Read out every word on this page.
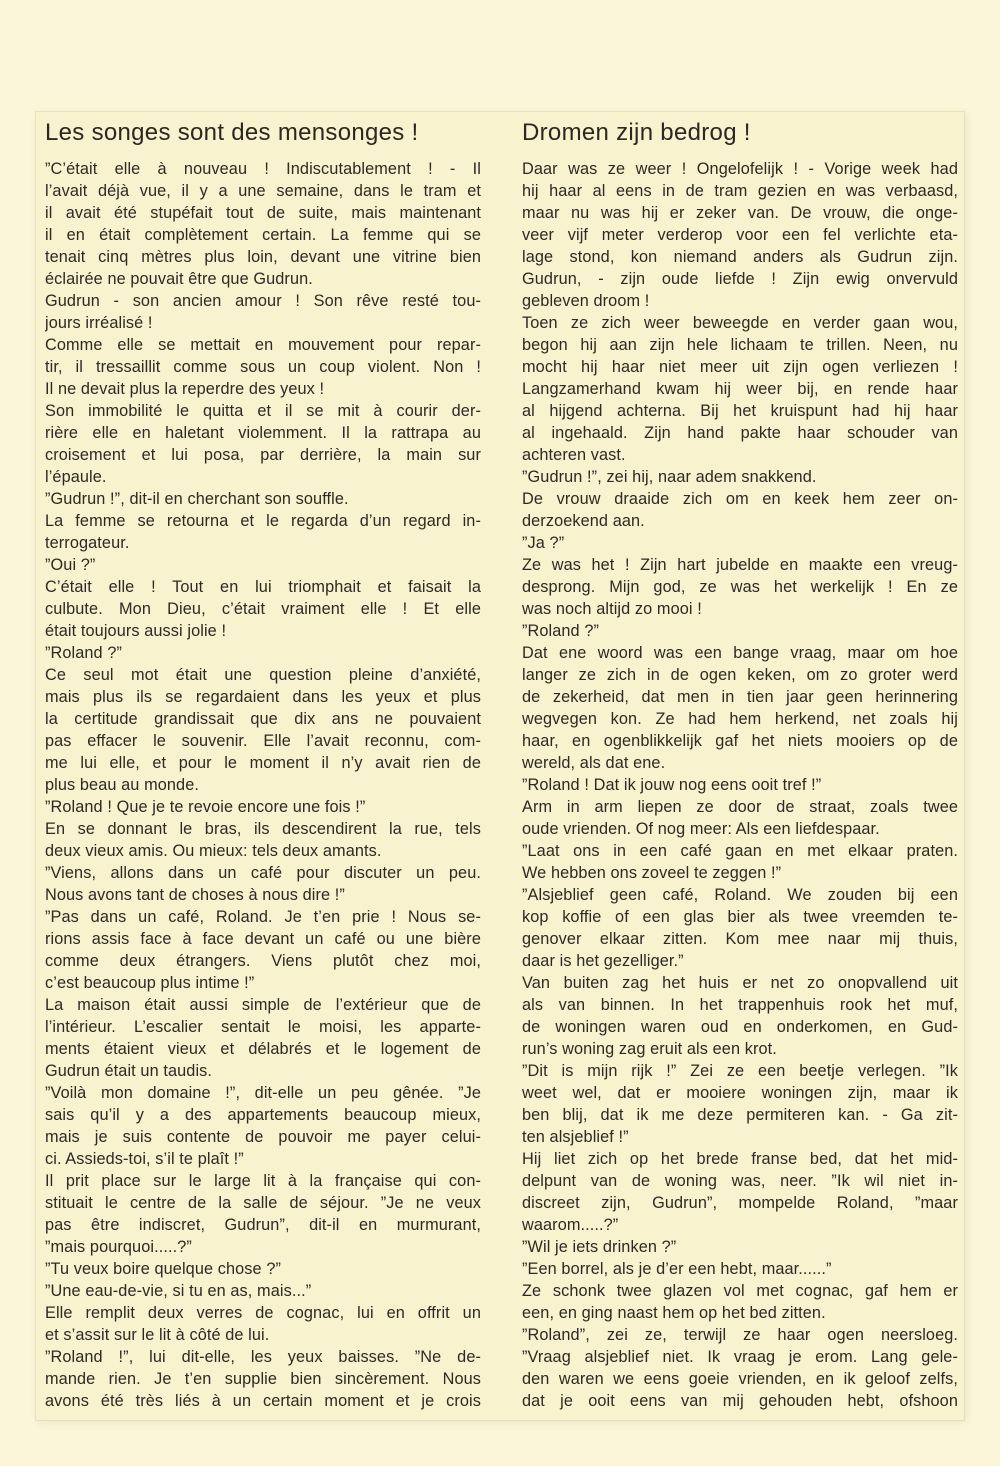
Les songes sont des mensonges !
”C’était elle à nouveau ! Indiscutablement ! - Il
l’avait déjà vue, il y a une semaine, dans le tram et
il avait été stupéfait tout de suite, mais maintenant
il en était complètement certain. La femme qui se
tenait cinq mètres plus loin, devant une vitrine bien
éclairée ne pouvait être que Gudrun.
Gudrun - son ancien amour ! Son rêve resté tou-
jours irréalisé !
Comme elle se mettait en mouvement pour repar-
tir, il tressaillit comme sous un coup violent. Non !
Il ne devait plus la reperdre des yeux !
Son immobilité le quitta et il se mit à courir der-
rière elle en haletant violemment. Il la rattrapa au
croisement et lui posa, par derrière, la main sur
l’épaule.
”Gudrun !”, dit-il en cherchant son souffle.
La femme se retourna et le regarda d’un regard in-
terrogateur.
”Oui ?”
C’était elle ! Tout en lui triomphait et faisait la
culbute. Mon Dieu, c’était vraiment elle ! Et elle
était toujours aussi jolie !
”Roland ?”
Ce seul mot était une question pleine d’anxiété,
mais plus ils se regardaient dans les yeux et plus
la certitude grandissait que dix ans ne pouvaient
pas effacer le souvenir. Elle l’avait reconnu, com-
me lui elle, et pour le moment il n’y avait rien de
plus beau au monde.
”Roland ! Que je te revoie encore une fois !”
En se donnant le bras, ils descendirent la rue, tels
deux vieux amis. Ou mieux: tels deux amants.
”Viens, allons dans un café pour discuter un peu.
Nous avons tant de choses à nous dire !”
”Pas dans un café, Roland. Je t’en prie ! Nous se-
rions assis face à face devant un café ou une bière
comme deux étrangers. Viens plutôt chez moi,
c’est beaucoup plus intime !”
La maison était aussi simple de l’extérieur que de
l’intérieur. L’escalier sentait le moisi, les apparte-
ments étaient vieux et délabrés et le logement de
Gudrun était un taudis.
”Voilà mon domaine !”, dit-elle un peu gênée. ”Je
sais qu’il y a des appartements beaucoup mieux,
mais je suis contente de pouvoir me payer celui-
ci. Assieds-toi, s’il te plaît !”
Il prit place sur le large lit à la française qui con-
stituait le centre de la salle de séjour. ”Je ne veux
pas être indiscret, Gudrun”, dit-il en murmurant,
”mais pourquoi.....?”
”Tu veux boire quelque chose ?”
”Une eau-de-vie, si tu en as, mais...”
Elle remplit deux verres de cognac, lui en offrit un
et s’assit sur le lit à côté de lui.
”Roland !”, lui dit-elle, les yeux baisses. ”Ne de-
mande rien. Je t’en supplie bien sincèrement. Nous
avons été très liés à un certain moment et je crois
Dromen zijn bedrog !
Daar was ze weer ! Ongelofelijk ! - Vorige week had
hij haar al eens in de tram gezien en was verbaasd,
maar nu was hij er zeker van. De vrouw, die onge-
veer vijf meter verderop voor een fel verlichte eta-
lage stond, kon niemand anders als Gudrun zijn.
Gudrun, - zijn oude liefde ! Zijn ewig onvervuld
gebleven droom !
Toen ze zich weer beweegde en verder gaan wou,
begon hij aan zijn hele lichaam te trillen. Neen, nu
mocht hij haar niet meer uit zijn ogen verliezen !
Langzamerhand kwam hij weer bij, en rende haar
al hijgend achterna. Bij het kruispunt had hij haar
al ingehaald. Zijn hand pakte haar schouder van
achteren vast.
”Gudrun !”, zei hij, naar adem snakkend.
De vrouw draaide zich om en keek hem zeer on-
derzoekend aan.
”Ja ?”
Ze was het ! Zijn hart jubelde en maakte een vreug-
desprong. Mijn god, ze was het werkelijk ! En ze
was noch altijd zo mooi !
”Roland ?”
Dat ene woord was een bange vraag, maar om hoe
langer ze zich in de ogen keken, om zo groter werd
de zekerheid, dat men in tien jaar geen herinnering
wegvegen kon. Ze had hem herkend, net zoals hij
haar, en ogenblikkelijk gaf het niets mooiers op de
wereld, als dat ene.
”Roland ! Dat ik jouw nog eens ooit tref !”
Arm in arm liepen ze door de straat, zoals twee
oude vrienden. Of nog meer: Als een liefdespaar.
”Laat ons in een café gaan en met elkaar praten.
We hebben ons zoveel te zeggen !”
”Alsjeblief geen café, Roland. We zouden bij een
kop koffie of een glas bier als twee vreemden te-
genover elkaar zitten. Kom mee naar mij thuis,
daar is het gezelliger.”
Van buiten zag het huis er net zo onopvallend uit
als van binnen. In het trappenhuis rook het muf,
de woningen waren oud en onderkomen, en Gud-
run’s woning zag eruit als een krot.
”Dit is mijn rijk !” Zei ze een beetje verlegen. ”Ik
weet wel, dat er mooiere woningen zijn, maar ik
ben blij, dat ik me deze permiteren kan. - Ga zit-
ten alsjeblief !”
Hij liet zich op het brede franse bed, dat het mid-
delpunt van de woning was, neer. ”Ik wil niet in-
discreet zijn, Gudrun”, mompelde Roland, ”maar
waarom.....?”
”Wil je iets drinken ?”
”Een borrel, als je d’er een hebt, maar......”
Ze schonk twee glazen vol met cognac, gaf hem er
een, en ging naast hem op het bed zitten.
”Roland”, zei ze, terwijl ze haar ogen neersloeg.
”Vraag alsjeblief niet. Ik vraag je erom. Lang gele-
den waren we eens goeie vrienden, en ik geloof zelfs,
dat je ooit eens van mij gehouden hebt, ofshoon
